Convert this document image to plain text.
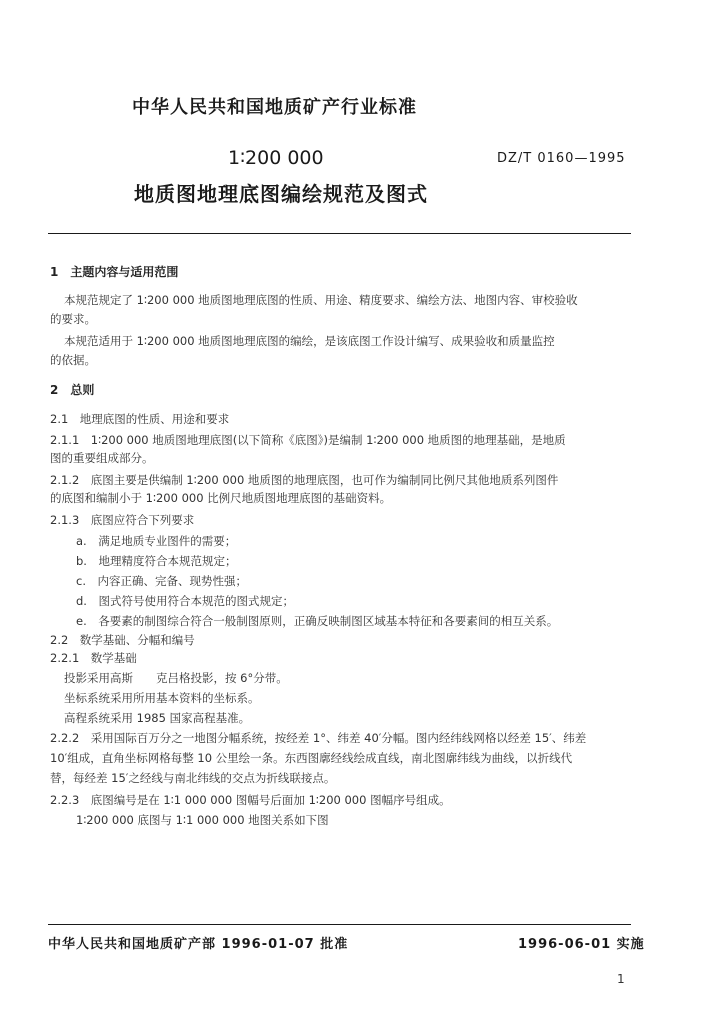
中华人民共和国地质矿产行业标准
1∶200 000	DZ/T 0160—1995
地质图地理底图编绘规范及图式
1　主题内容与适用范围
本规范规定了 1∶200 000 地质图地理底图的性质、用途、精度要求、编绘方法、地图内容、审校验收
的要求。
本规范适用于 1∶200 000 地质图地理底图的编绘，是该底图工作设计编写、成果验收和质量监控
的依据。
2　总则
2.1　地理底图的性质、用途和要求
2.1.1　1∶200 000 地质图地理底图(以下简称《底图》)是编制 1∶200 000 地质图的地理基础，是地质
图的重要组成部分。
2.1.2　底图主要是供编制 1∶200 000 地质图的地理底图，也可作为编制同比例尺其他地质系列图件
的底图和编制小于 1∶200 000 比例尺地质图地理底图的基础资料。
2.1.3　底图应符合下列要求
a.　满足地质专业图件的需要；
b.　地理精度符合本规范规定；
c.　内容正确、完备、现势性强；
d.　图式符号使用符合本规范的图式规定；
e.　各要素的制图综合符合一般制图原则，正确反映制图区域基本特征和各要素间的相互关系。
2.2　数学基础、分幅和编号
2.2.1　数学基础
投影采用高斯　　克吕格投影，按 6°分带。
坐标系统采用所用基本资料的坐标系。
高程系统采用 1985 国家高程基准。
2.2.2　采用国际百万分之一地图分幅系统，按经差 1°、纬差 40′分幅。图内经纬线网格以经差 15′、纬差
10′组成，直角坐标网格每整 10 公里绘一条。东西图廓经线绘成直线，南北图廓纬线为曲线，以折线代
替，每经差 15′之经线与南北纬线的交点为折线联接点。
2.2.3　底图编号是在 1∶1 000 000 图幅号后面加 1∶200 000 图幅序号组成。
1∶200 000 底图与 1∶1 000 000 地图关系如下图
中华人民共和国地质矿产部 1996-01-07 批准	1996-06-01 实施
1
